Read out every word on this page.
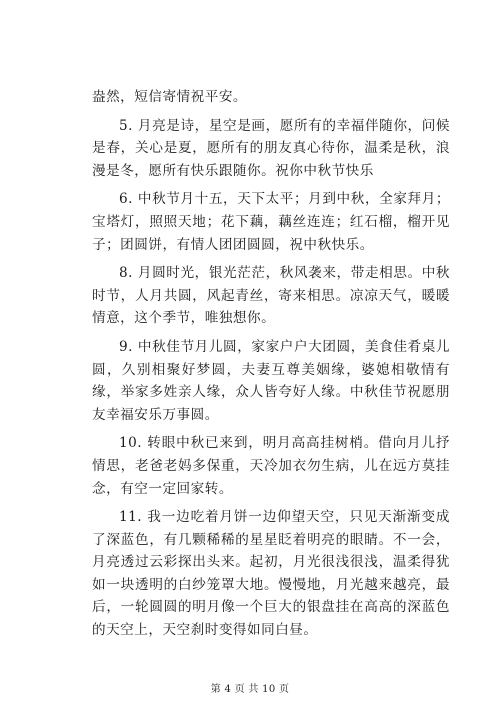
盎然，短信寄情祝平安。

5. 月亮是诗，星空是画，愿所有的幸福伴随你，问候是春，关心是夏，愿所有的朋友真心待你，温柔是秋，浪漫是冬，愿所有快乐跟随你。祝你中秋节快乐

6. 中秋节月十五，天下太平；月到中秋，全家拜月；宝塔灯，照照天地；花下藕，藕丝连连；红石榴，榴开见子；团圆饼，有情人团团圆圆，祝中秋快乐。

8. 月圆时光，银光茫茫，秋风袭来，带走相思。中秋时节，人月共圆，风起青丝，寄来相思。凉凉天气，暖暖情意，这个季节，唯独想你。

9. 中秋佳节月儿圆，家家户户大团圆，美食佳肴桌儿圆，久别相聚好梦圆，夫妻互尊美姻缘，婆媳相敬情有缘，举家多姓亲人缘，众人皆夸好人缘。中秋佳节祝愿朋友幸福安乐万事圆。

10. 转眼中秋已来到，明月高高挂树梢。借向月儿抒情思，老爸老妈多保重，天冷加衣勿生病，儿在远方莫挂念，有空一定回家转。

11. 我一边吃着月饼一边仰望天空，只见天渐渐变成了深蓝色，有几颗稀稀的星星眨着明亮的眼睛。不一会，月亮透过云彩探出头来。起初，月光很浅很浅，温柔得犹如一块透明的白纱笼罩大地。慢慢地，月光越来越亮，最后，一轮圆圆的明月像一个巨大的银盘挂在高高的深蓝色的天空上，天空刹时变得如同白昼。

第 4 页 共 10 页
